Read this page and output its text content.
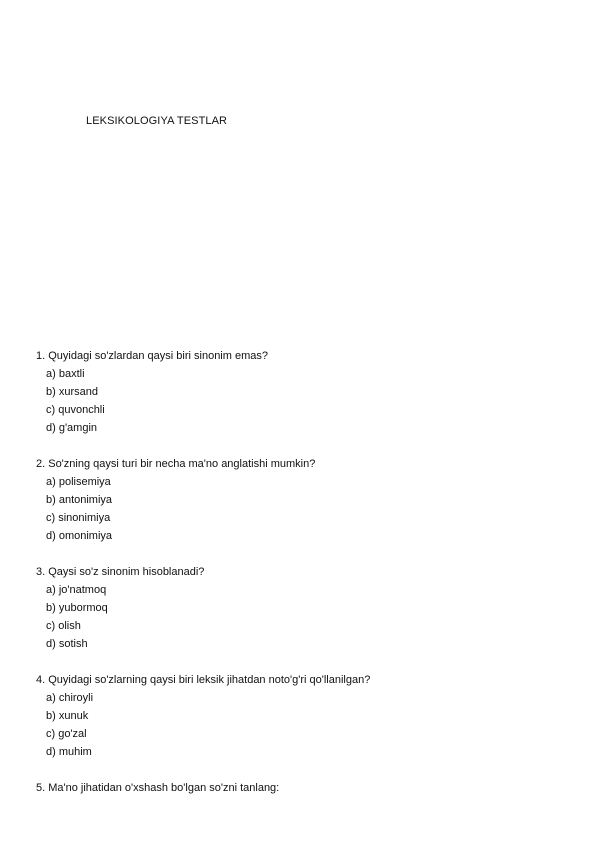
LEKSIKOLOGIYA TESTLAR
1. Quyidagi so'zlardan qaysi biri sinonim emas?
a) baxtli
b) xursand
c) quvonchli
d) g'amgin
2. So'zning qaysi turi bir necha ma'no anglatishi mumkin?
a) polisemiya
b) antonimiya
c) sinonimiya
d) omonimiya
3. Qaysi so'z sinonim hisoblanadi?
a) jo'natmoq
b) yubormoq
c) olish
d) sotish
4. Quyidagi so'zlarning qaysi biri leksik jihatdan noto'g'ri qo'llanilgan?
a) chiroyli
b) xunuk
c) go'zal
d) muhim
5. Ma'no jihatidan o'xshash bo'lgan so'zni tanlang:
